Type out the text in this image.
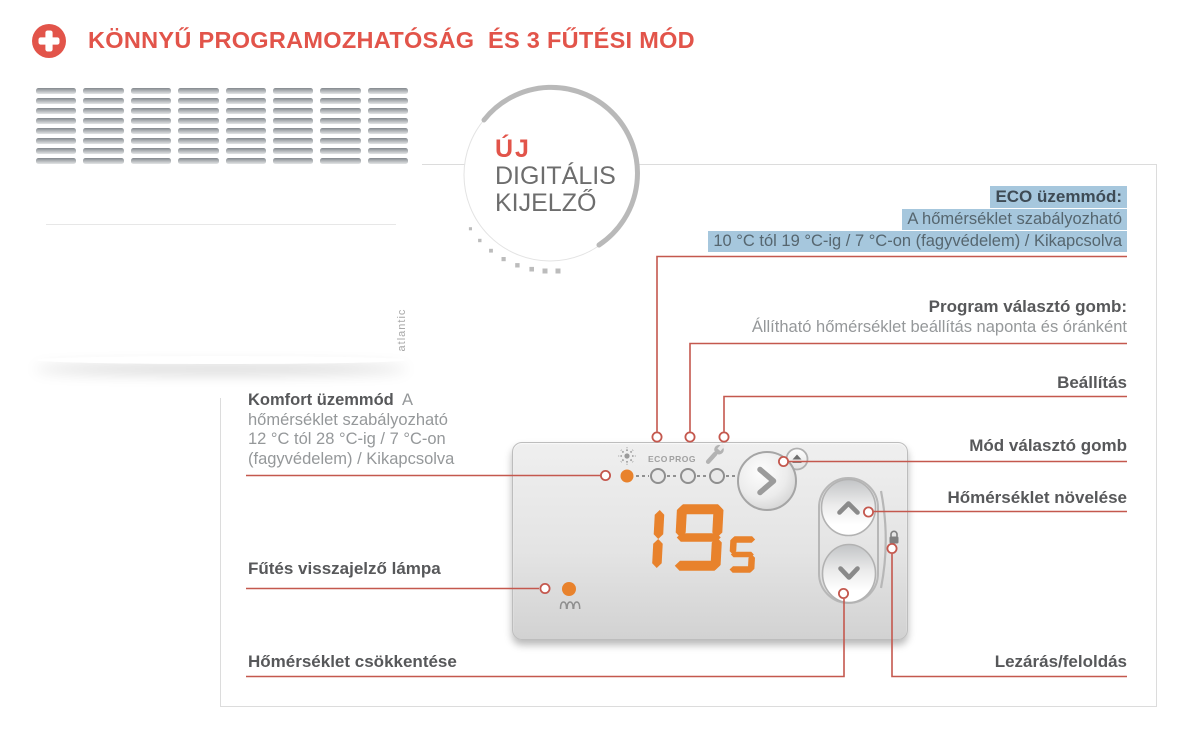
KÖNNYŰ PROGRAMOZHATÓSÁG  ÉS 3 FŰTÉSI MÓD
atlantic
ÚJ
DIGITÁLIS
KIJELZŐ
ECO PROG
ECO üzemmód:
A hőmérséklet szabályozható
10 °C tól 19 °C-ig / 7 °C-on (fagyvédelem) / Kikapcsolva
Program választó gomb:
Állítható hőmérséklet beállítás naponta és óránként
Beállítás
Mód választó gomb
Hőmérséklet növelése
Lezárás/feloldás
Komfort üzemmód  A
hőmérséklet szabályozható
12 °C tól 28 °C-ig / 7 °C-on
(fagyvédelem) / Kikapcsolva
Fűtés visszajelző lámpa
Hőmérséklet csökkentése
